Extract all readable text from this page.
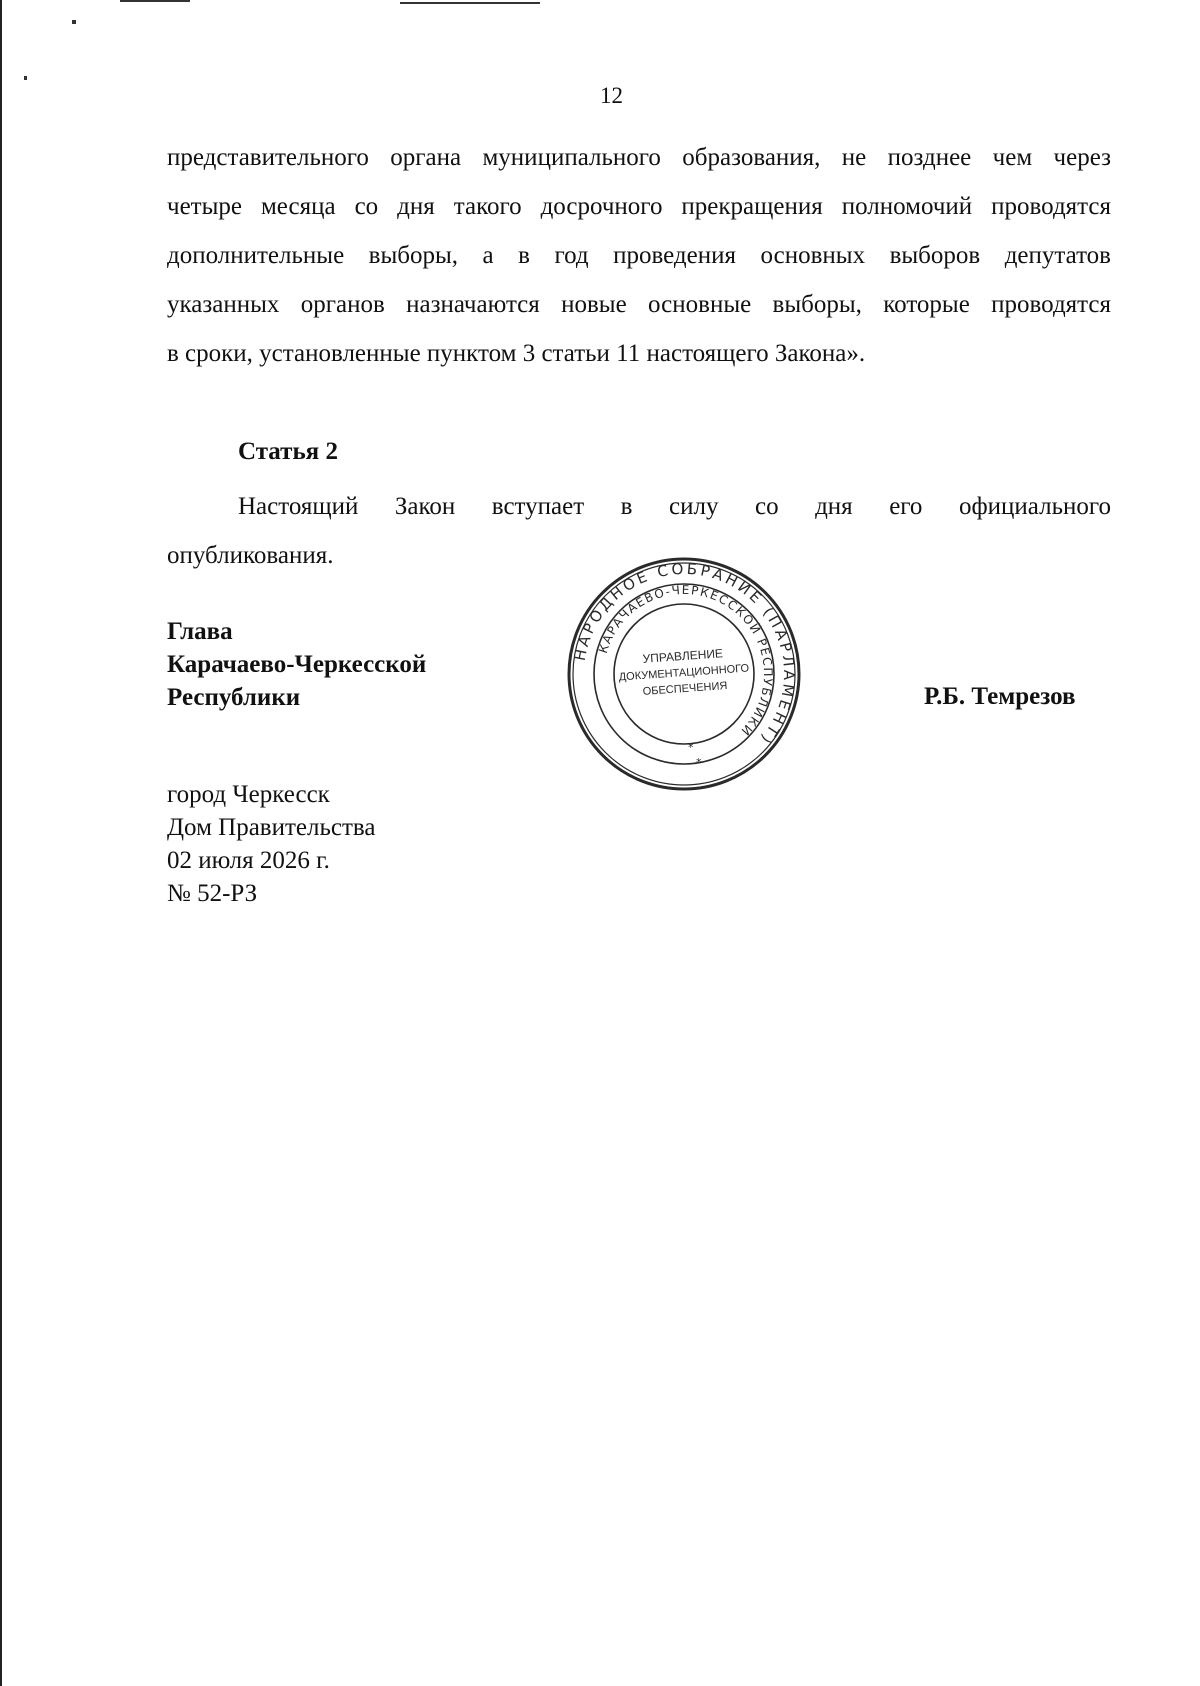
12
представительного органа муниципального образования, не позднее чем через
четыре месяца со дня такого досрочного прекращения полномочий проводятся
дополнительные выборы, а в год проведения основных выборов депутатов
указанных органов назначаются новые основные выборы, которые проводятся
в сроки, установленные пунктом 3 статьи 11 настоящего Закона».
Статья 2
Настоящий Закон вступает в силу со дня его официального
опубликования.
Глава
Карачаево-Черкесской
Республики	Р.Б. Темрезов
НАРОДНОЕ СОБРАНИЕ (ПАРЛАМЕНТ)
КАРАЧАЕВО-ЧЕРКЕССКОЙ РЕСПУБЛИКИ
УПРАВЛЕНИЕ
ДОКУМЕНТАЦИОННОГО
ОБЕСПЕЧЕНИЯ
*
*
город Черкесск
Дом Правительства
02 июля 2026 г.
№ 52-РЗ
